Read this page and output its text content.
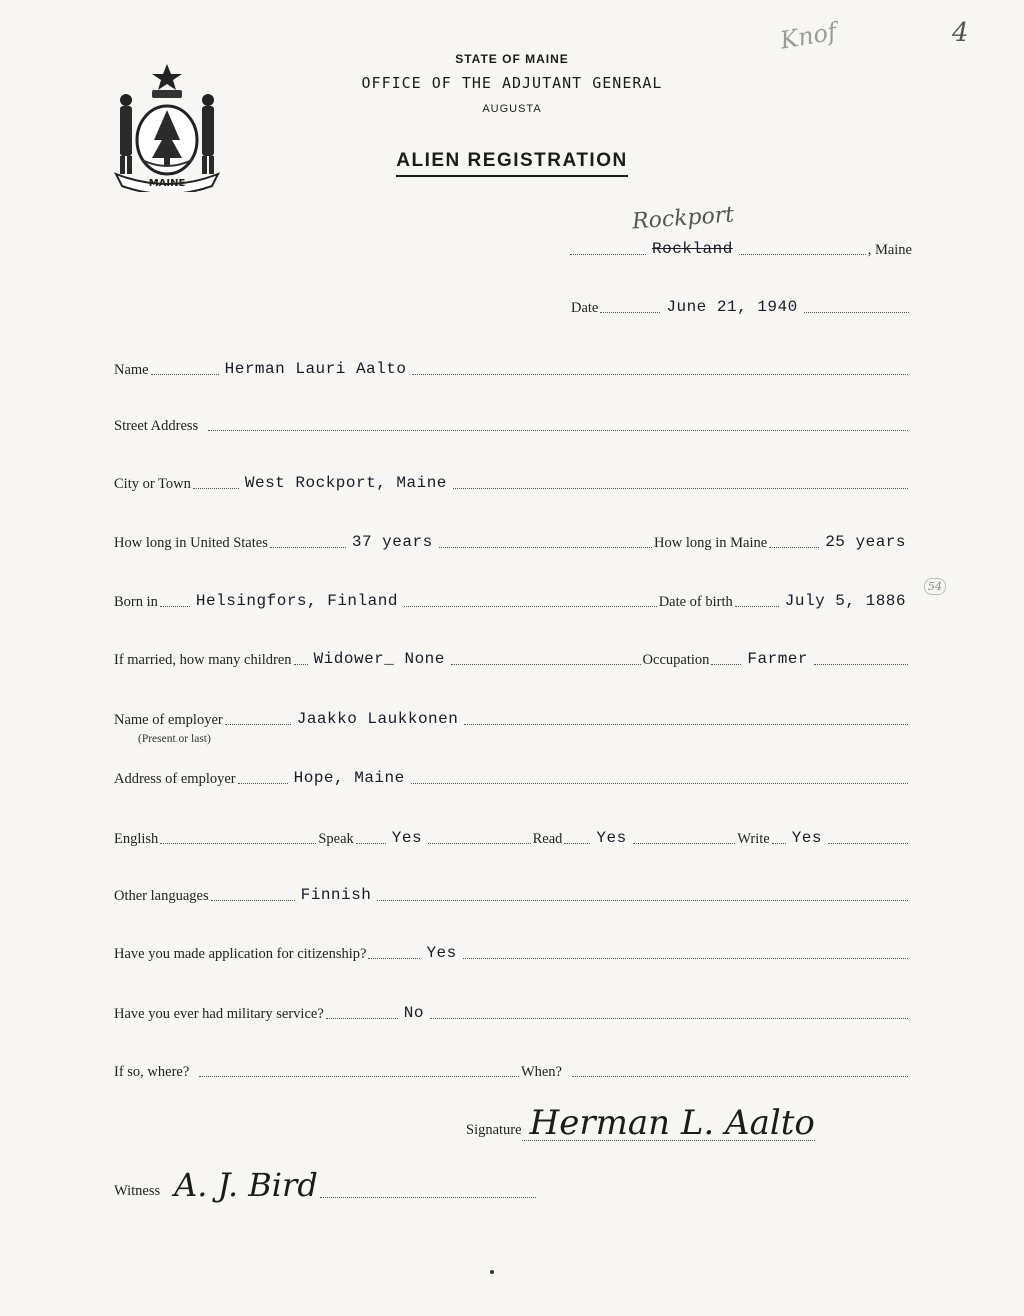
Knof	4
MAINE
STATE OF MAINE
OFFICE OF THE ADJUTANT GENERAL
AUGUSTA
ALIEN REGISTRATION
Rockport
Rockland	, Maine
Date	June 21, 1940
Name	Herman Lauri Aalto
Street Address
City or Town	West Rockport, Maine
How long in United States	37 years	How long in Maine	25 years
Born in Helsingfors, Finland	Date of birth	July 5, 1886
54
If married, how many children Widower_ None	Occupation Farmer
Name of employer	Jaakko Laukkonen
(Present or last)
Address of employer	Hope, Maine
English	Speak Yes	Read Yes	Write Yes
Other languages	Finnish
Have you made application for citizenship?	Yes
Have you ever had military service?	No
If so, where?	When?
Signature Herman L. Aalto
Witness A. J. Bird
